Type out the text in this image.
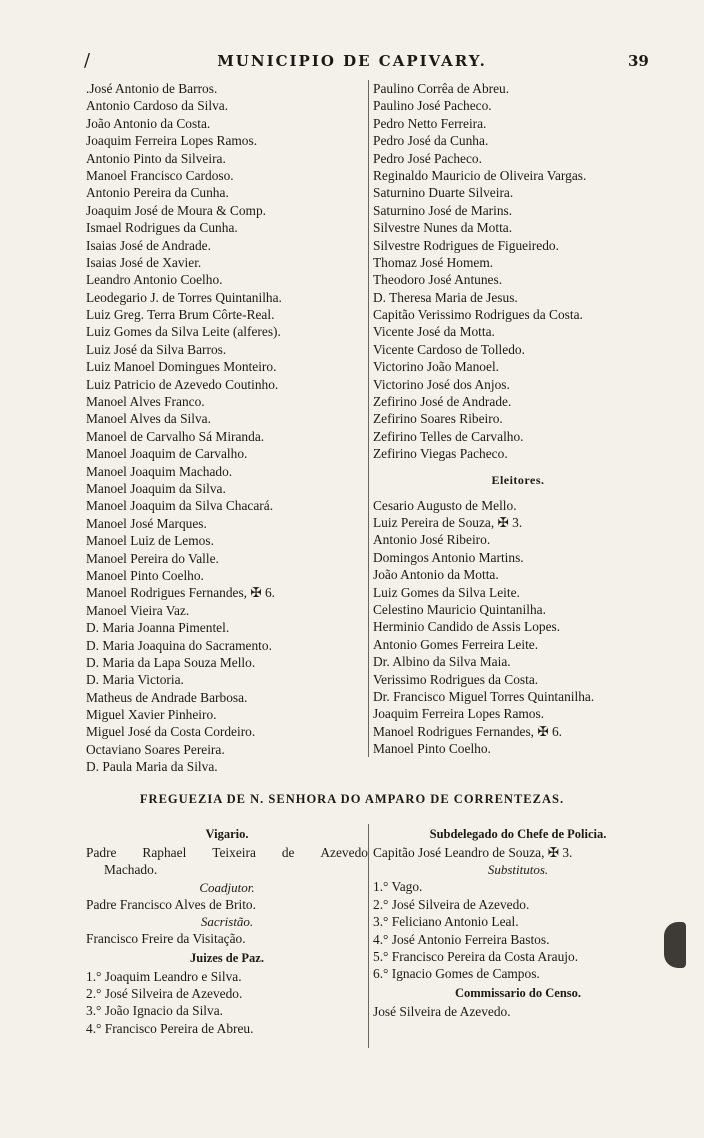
/	MUNICIPIO DE CAPIVARY.	39
.José Antonio de Barros.
Antonio Cardoso da Silva.
João Antonio da Costa.
Joaquim Ferreira Lopes Ramos.
Antonio Pinto da Silveira.
Manoel Francisco Cardoso.
Antonio Pereira da Cunha.
Joaquim José de Moura & Comp.
Ismael Rodrigues da Cunha.
Isaias José de Andrade.
Isaias José de Xavier.
Leandro Antonio Coelho.
Leodegario J. de Torres Quintanilha.
Luiz Greg. Terra Brum Côrte-Real.
Luiz Gomes da Silva Leite (alferes).
Luiz José da Silva Barros.
Luiz Manoel Domingues Monteiro.
Luiz Patricio de Azevedo Coutinho.
Manoel Alves Franco.
Manoel Alves da Silva.
Manoel de Carvalho Sá Miranda.
Manoel Joaquim de Carvalho.
Manoel Joaquim Machado.
Manoel Joaquim da Silva.
Manoel Joaquim da Silva Chacará.
Manoel José Marques.
Manoel Luiz de Lemos.
Manoel Pereira do Valle.
Manoel Pinto Coelho.
Manoel Rodrigues Fernandes, ✠ 6.
Manoel Vieira Vaz.
D. Maria Joanna Pimentel.
D. Maria Joaquina do Sacramento.
D. Maria da Lapa Souza Mello.
D. Maria Victoria.
Matheus de Andrade Barbosa.
Miguel Xavier Pinheiro.
Miguel José da Costa Cordeiro.
Octaviano Soares Pereira.
D. Paula Maria da Silva.
Paulino Corrêa de Abreu.
Paulino José Pacheco.
Pedro Netto Ferreira.
Pedro José da Cunha.
Pedro José Pacheco.
Reginaldo Mauricio de Oliveira Vargas.
Saturnino Duarte Silveira.
Saturnino José de Marins.
Silvestre Nunes da Motta.
Silvestre Rodrigues de Figueiredo.
Thomaz José Homem.
Theodoro José Antunes.
D. Theresa Maria de Jesus.
Capitão Verissimo Rodrigues da Costa.
Vicente José da Motta.
Vicente Cardoso de Tolledo.
Victorino João Manoel.
Victorino José dos Anjos.
Zefirino José de Andrade.
Zefirino Soares Ribeiro.
Zefirino Telles de Carvalho.
Zefirino Viegas Pacheco.
Eleitores.
Cesario Augusto de Mello.
Luiz Pereira de Souza, ✠ 3.
Antonio José Ribeiro.
Domingos Antonio Martins.
João Antonio da Motta.
Luiz Gomes da Silva Leite.
Celestino Mauricio Quintanilha.
Herminio Candido de Assis Lopes.
Antonio Gomes Ferreira Leite.
Dr. Albino da Silva Maia.
Verissimo Rodrigues da Costa.
Dr. Francisco Miguel Torres Quintanilha.
Joaquim Ferreira Lopes Ramos.
Manoel Rodrigues Fernandes, ✠ 6.
Manoel Pinto Coelho.
FREGUEZIA DE N. SENHORA DO AMPARO DE CORRENTEZAS.
Vigario.
Padre Raphael Teixeira de Azevedo
Machado.
Coadjutor.
Padre Francisco Alves de Brito.
Sacristão.
Francisco Freire da Visitação.
Juizes de Paz.
1.° Joaquim Leandro e Silva.
2.° José Silveira de Azevedo.
3.° João Ignacio da Silva.
4.° Francisco Pereira de Abreu.
Subdelegado do Chefe de Policia.
Capitão José Leandro de Souza, ✠ 3.
Substitutos.
1.° Vago.
2.° José Silveira de Azevedo.
3.° Feliciano Antonio Leal.
4.° José Antonio Ferreira Bastos.
5.° Francisco Pereira da Costa Araujo.
6.° Ignacio Gomes de Campos.
Commissario do Censo.
José Silveira de Azevedo.
